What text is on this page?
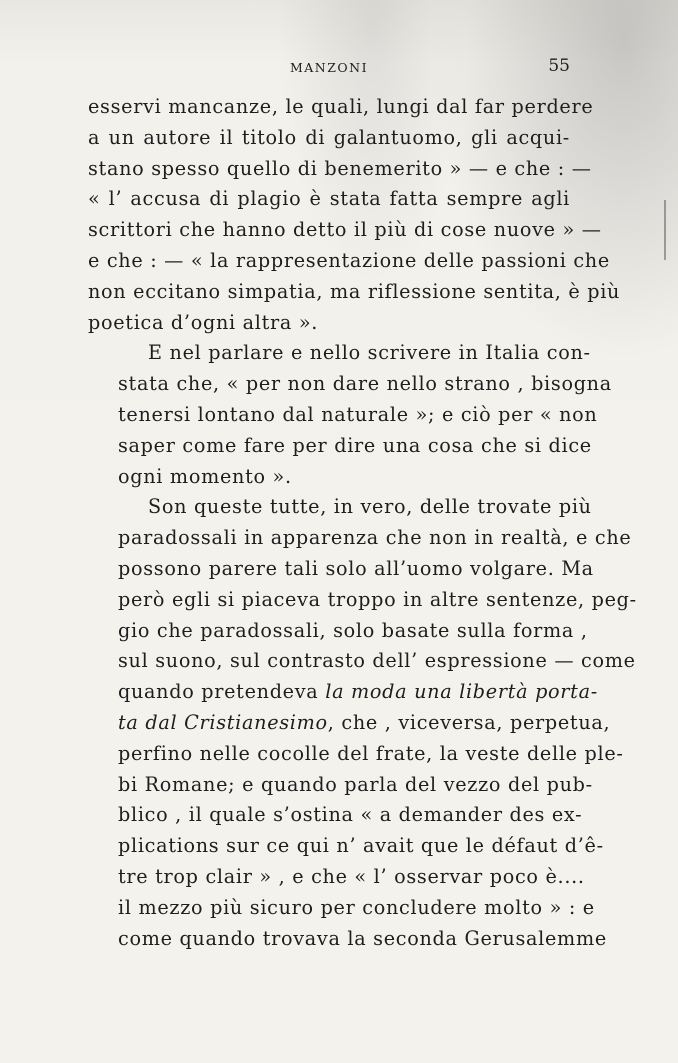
MANZONI	55
esservi mancanze, le quali, lungi dal far perdere
a un autore il titolo di galantuomo, gli acqui-
stano spesso quello di benemerito » — e che : —
« l’ accusa di plagio è stata fatta sempre agli
scrittori che hanno detto il più di cose nuove » —
e che : — « la rappresentazione delle passioni che
non eccitano simpatia, ma riflessione sentita, è più
poetica d’ogni altra ».
E nel parlare e nello scrivere in Italia con-
stata che, « per non dare nello strano , bisogna
tenersi lontano dal naturale »; e ciò per « non
saper come fare per dire una cosa che si dice
ogni momento ».
Son queste tutte, in vero, delle trovate più
paradossali in apparenza che non in realtà, e che
possono parere tali solo all’uomo volgare. Ma
però egli si piaceva troppo in altre sentenze, peg-
gio che paradossali, solo basate sulla forma ,
sul suono, sul contrasto dell’ espressione — come
quando pretendeva la moda una libertà porta-
ta dal Cristianesimo, che , viceversa, perpetua,
perfino nelle cocolle del frate, la veste delle ple-
bi Romane; e quando parla del vezzo del pub-
blico , il quale s’ostina « a demander des ex-
plications sur ce qui n’ avait que le défaut d’ê-
tre trop clair » , e che « l’ osservar poco è....
il mezzo più sicuro per concludere molto » : e
come quando trovava la seconda Gerusalemme
